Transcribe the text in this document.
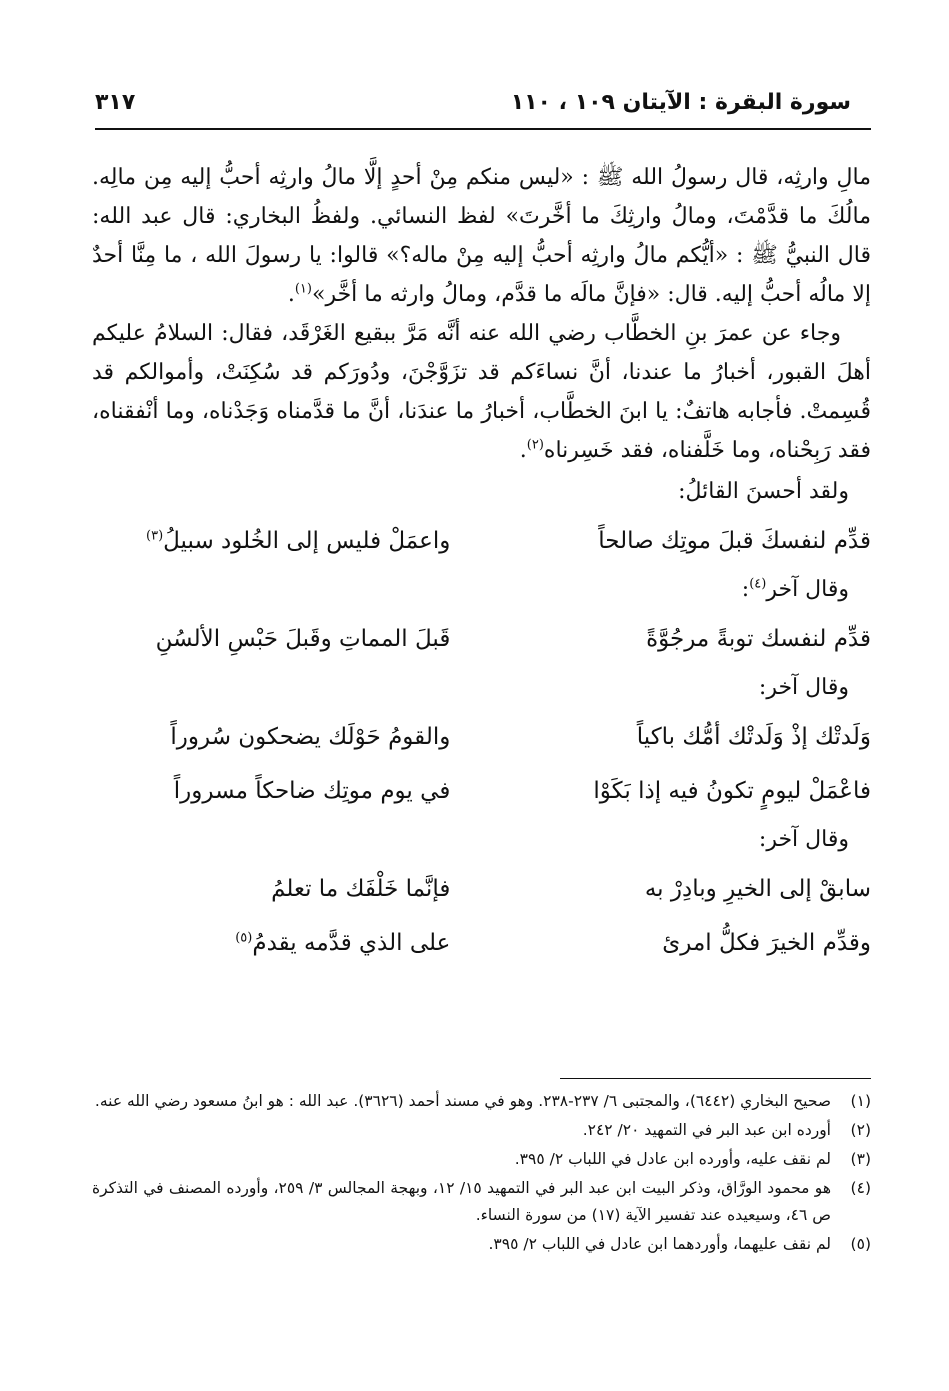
سورة البقرة : الآيتان ١٠٩ ، ١١٠
٣١٧

مالِ وارثِه، قال رسولُ الله ﷺ : «ليس منكم مِنْ أحدٍ إلَّا مالُ وارثِه أحبُّ إليه مِن مالِه. مالُكَ ما قدَّمْتَ، ومالُ وارثِكَ ما أخَّرتَ» لفظ النسائي. ولفظُ البخاري: قال عبد الله: قال النبيُّ ﷺ : «أيُّكم مالُ وارثِه أحبُّ إليه مِنْ ماله؟» قالوا: يا رسولَ الله ، ما مِنَّا أحدٌ إلا مالُه أحبُّ إليه. قال: «فإنَّ مالَه ما قدَّم، ومالُ وارثه ما أخَّر»$^{(١)}$.

وجاء عن عمرَ بنِ الخطَّاب رضي الله عنه أنَّه مَرَّ ببقيع الغَرْقَد، فقال: السلامُ عليكم أهلَ القبور، أخبارُ ما عندنا، أنَّ نساءَكم قد تزَوَّجْنَ، ودُورَكم قد سُكِنَتْ، وأموالكم قد قُسِمتْ. فأجابه هاتفٌ: يا ابنَ الخطَّاب، أخبارُ ما عندَنا، أنَّ ما قدَّمناه وَجَدْناه، وما أنْفقناه، فقد رَبِحْناه، وما خَلَّفناه، فقد خَسِرناه$^{(٢)}$.

ولقد أحسنَ القائلُ:

قدِّم لنفسكَ قبلَ موتِك صالحاً
واعمَلْ فليس إلى الخُلود سبيلُ$^{(٣)}$

وقال آخر$^{(٤)}$:

قدِّم لنفسك توبةً مرجُوَّةً
قَبلَ المماتِ وقَبلَ حَبْسِ الألسُنِ

وقال آخر:

وَلَدتْك إذْ وَلَدتْك أمُّك باكياً
والقومُ حَوْلَك يضحكون سُروراً
فاعْمَلْ ليومٍ تكونُ فيه إذا بَكَوْا
في يوم موتِك ضاحكاً مسروراً

وقال آخر:

سابقْ إلى الخيرِ وبادِرْ به
فإنَّما خَلْفَك ما تعلمُ
وقدِّم الخيرَ فكلُّ امرئ
على الذي قدَّمه يقدمُ$^{(٥)}$
(١)
صحيح البخاري (٦٤٤٢)، والمجتبى ٦/ ٢٣٧-٢٣٨. وهو في مسند أحمد (٣٦٢٦). عبد الله : هو ابنُ مسعود رضي الله عنه.
(٢)
أورده ابن عبد البر في التمهيد ٢٠/ ٢٤٢.
(٣)
لم نقف عليه، وأورده ابن عادل في اللباب ٢/ ٣٩٥.
(٤)
هو محمود الورَّاق، وذكر البيت ابن عبد البر في التمهيد ١٥/ ١٢، وبهجة المجالس ٣/ ٢٥٩، وأورده المصنف في التذكرة ص ٤٦، وسيعيده عند تفسير الآية (١٧) من سورة النساء.
(٥)
لم نقف عليهما، وأوردهما ابن عادل في اللباب ٢/ ٣٩٥.
